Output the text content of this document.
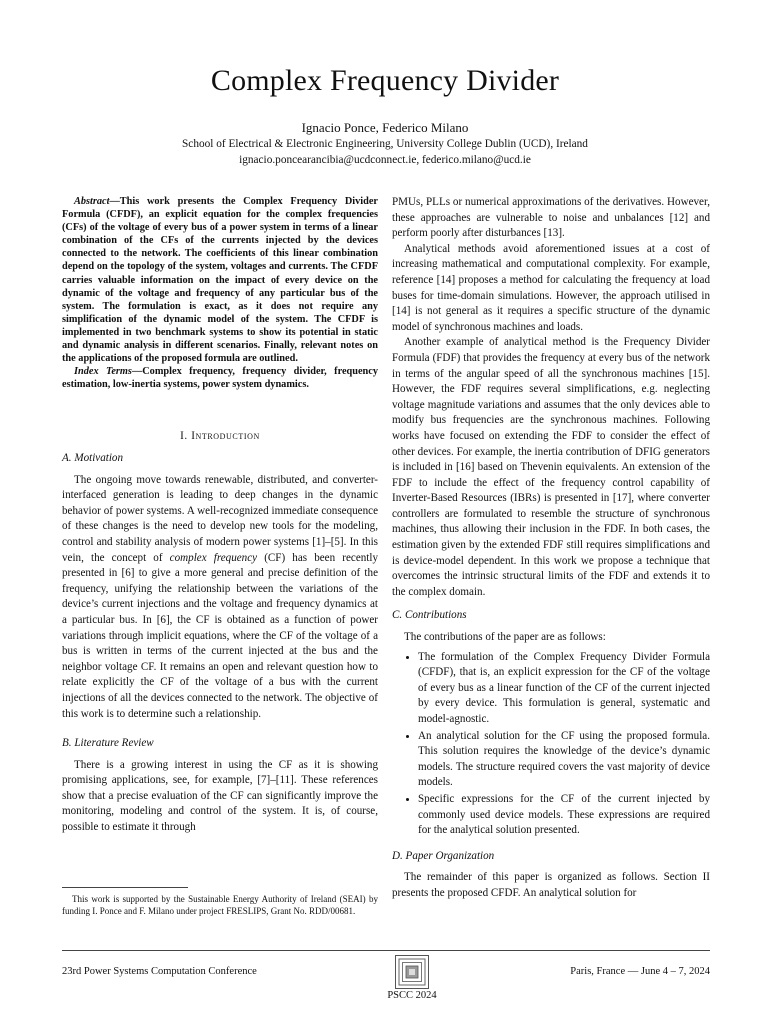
Complex Frequency Divider
Ignacio Ponce, Federico Milano
School of Electrical & Electronic Engineering, University College Dublin (UCD), Ireland
ignacio.poncearancibia@ucdconnect.ie, federico.milano@ucd.ie

Abstract—This work presents the Complex Frequency Divider Formula (CFDF), an explicit equation for the complex frequencies (CFs) of the voltage of every bus of a power system in terms of a linear combination of the CFs of the currents injected by the devices connected to the network. The coefficients of this linear combination depend on the topology of the system, voltages and currents. The CFDF carries valuable information on the impact of every device on the dynamic of the voltage and frequency of any particular bus of the system. The formulation is exact, as it does not require any simplification of the dynamic model of the system. The CFDF is implemented in two benchmark systems to show its potential in static and dynamic analysis in different scenarios. Finally, relevant notes on the applications of the proposed formula are outlined.

Index Terms—Complex frequency, frequency divider, frequency estimation, low-inertia systems, power system dynamics.

I. Introduction
A. Motivation

The ongoing move towards renewable, distributed, and converter-interfaced generation is leading to deep changes in the dynamic behavior of power systems. A well-recognized immediate consequence of these changes is the need to develop new tools for the modeling, control and stability analysis of modern power systems [1]–[5]. In this vein, the concept of complex frequency (CF) has been recently presented in [6] to give a more general and precise definition of the frequency, unifying the relationship between the variations of the device’s current injections and the voltage and frequency dynamics at a particular bus. In [6], the CF is obtained as a function of power variations through implicit equations, where the CF of the voltage of a bus is written in terms of the current injected at the bus and the neighbor voltage CF. It remains an open and relevant question how to relate explicitly the CF of the voltage of a bus with the current injections of all the devices connected to the network. The objective of this work is to determine such a relationship.

B. Literature Review

There is a growing interest in using the CF as it is showing promising applications, see, for example, [7]–[11]. These references show that a precise evaluation of the CF can significantly improve the monitoring, modeling and control of the system. It is, of course, possible to estimate it through

This work is supported by the Sustainable Energy Authority of Ireland (SEAI) by funding I. Ponce and F. Milano under project FRESLIPS, Grant No. RDD/00681.

PMUs, PLLs or numerical approximations of the derivatives. However, these approaches are vulnerable to noise and unbalances [12] and perform poorly after disturbances [13].

Analytical methods avoid aforementioned issues at a cost of increasing mathematical and computational complexity. For example, reference [14] proposes a method for calculating the frequency at load buses for time-domain simulations. However, the approach utilised in [14] is not general as it requires a specific structure of the dynamic model of synchronous machines and loads.

Another example of analytical method is the Frequency Divider Formula (FDF) that provides the frequency at every bus of the network in terms of the angular speed of all the synchronous machines [15]. However, the FDF requires several simplifications, e.g. neglecting voltage magnitude variations and assumes that the only devices able to modify bus frequencies are the synchronous machines. Following works have focused on extending the FDF to consider the effect of other devices. For example, the inertia contribution of DFIG generators is included in [16] based on Thevenin equivalents. An extension of the FDF to include the effect of the frequency control capability of Inverter-Based Resources (IBRs) is presented in [17], where converter controllers are formulated to resemble the structure of synchronous machines, thus allowing their inclusion in the FDF. In both cases, the estimation given by the extended FDF still requires simplifications and is device-model dependent. In this work we propose a technique that overcomes the intrinsic structural limits of the FDF and extends it to the complex domain.

C. Contributions

The contributions of the paper are as follows:

• The formulation of the Complex Frequency Divider Formula (CFDF), that is, an explicit expression for the CF of the voltage of every bus as a linear function of the CF of the current injected by every device. This formulation is general, systematic and model-agnostic.
• An analytical solution for the CF using the proposed formula. This solution requires the knowledge of the device’s dynamic models. The structure required covers the vast majority of device models.
• Specific expressions for the CF of the current injected by commonly used device models. These expressions are required for the analytical solution presented.
D. Paper Organization

The remainder of this paper is organized as follows. Section II presents the proposed CFDF. An analytical solution for

23rd Power Systems Computation Conference	Paris, France — June 4 – 7, 2024
PSCC 2024
